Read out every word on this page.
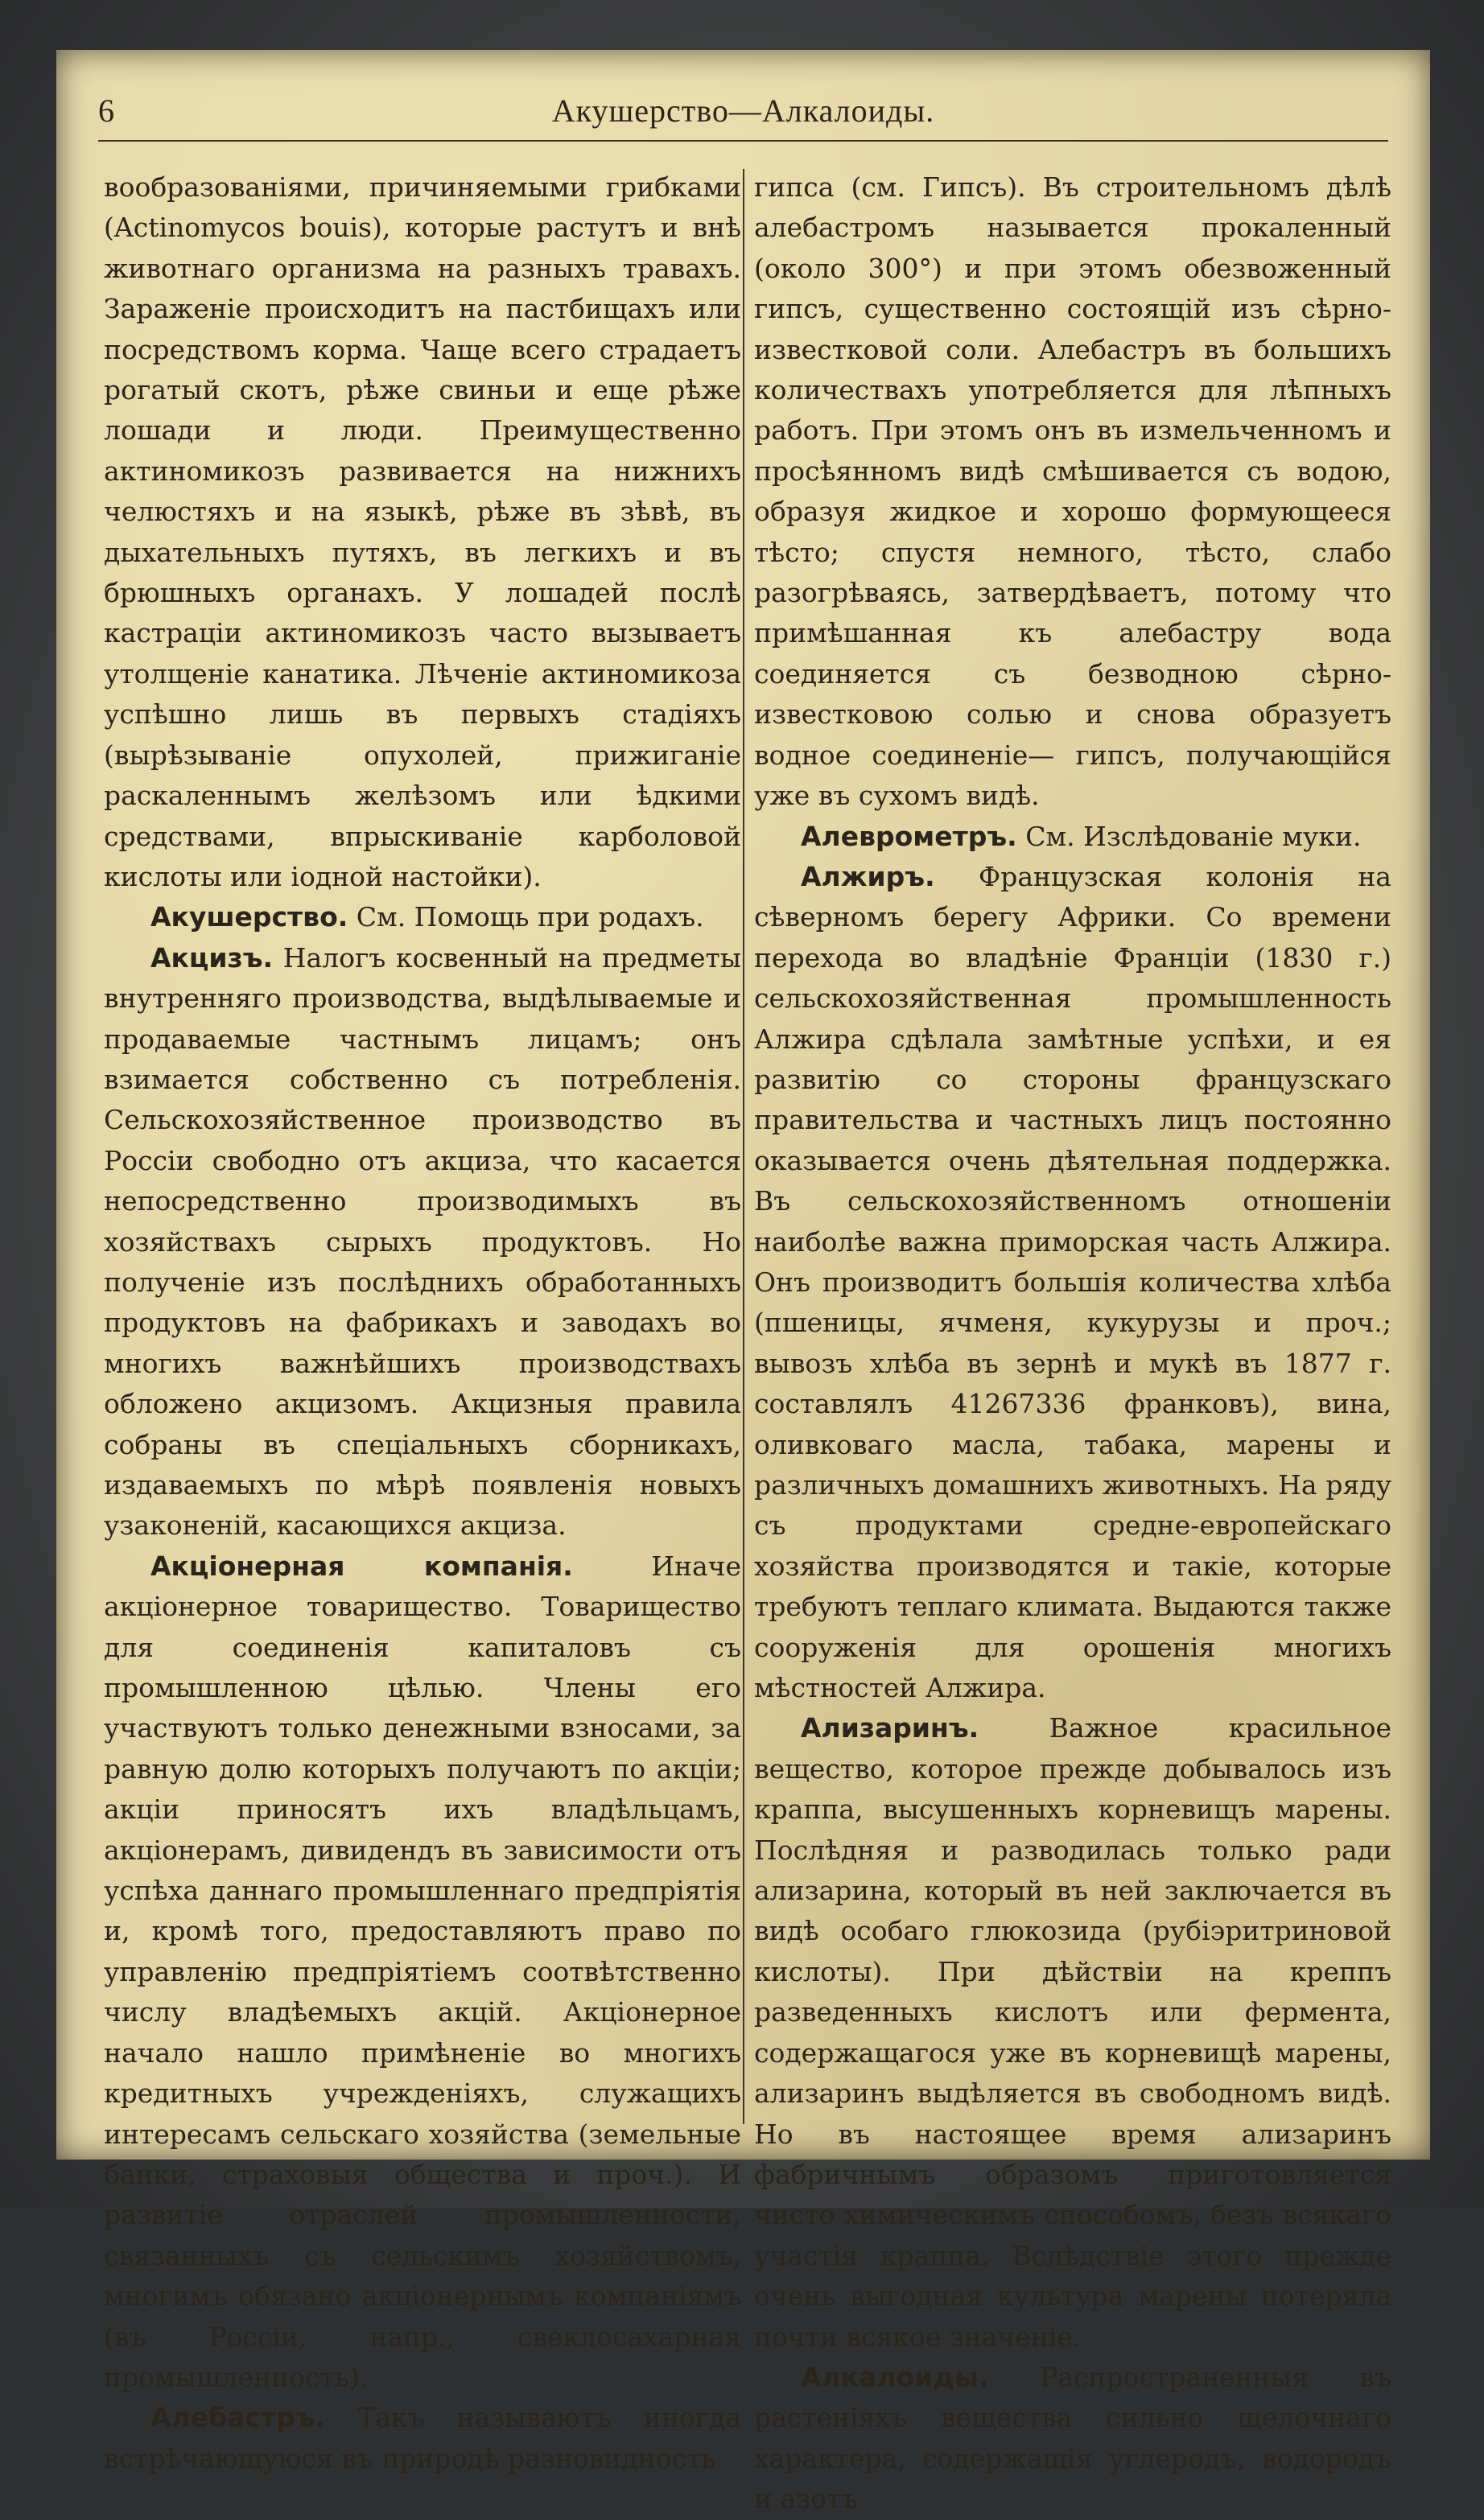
6	Акушерство—Алкалоиды.

вообразованіями, причиняемыми грибками (Actinomycos bouis), которые растутъ и внѣ животнаго организма на разныхъ травахъ. Зараженіе происходитъ на пастбищахъ или посредствомъ корма. Чаще всего страдаетъ рогатый скотъ, рѣже свиньи и еще рѣже лошади и люди. Преимущественно актиномикозъ развивается на нижнихъ челюстяхъ и на языкѣ, рѣже въ зѣвѣ, въ дыхательныхъ путяхъ, въ легкихъ и въ брюшныхъ органахъ. У лошадей послѣ кастраціи актиномикозъ часто вызываетъ утолщеніе канатика. Лѣченіе актиномикоза успѣшно лишь въ первыхъ стадіяхъ (вырѣзываніе опухолей, прижиганіе раскаленнымъ желѣзомъ или ѣдкими средствами, впрыскиваніе карболовой кислоты или іодной настойки).

Акушерство. См. Помощь при родахъ.

Акцизъ. Налогъ косвенный на предметы внутренняго производства, выдѣлываемые и продаваемые частнымъ лицамъ; онъ взимается собственно съ потребленія. Сельскохозяйственное производство въ Россіи свободно отъ акциза, что касается непосредственно производимыхъ въ хозяйствахъ сырыхъ продуктовъ. Но полученіе изъ послѣднихъ обработанныхъ продуктовъ на фабрикахъ и заводахъ во многихъ важнѣйшихъ производствахъ обложено акцизомъ. Акцизныя правила собраны въ спеціальныхъ сборникахъ, издаваемыхъ по мѣрѣ появленія новыхъ узаконеній, касающихся акциза.

Акціонерная компанія. Иначе акціонерное товарищество. Товарищество для соединенія капиталовъ съ промышленною цѣлью. Члены его участвуютъ только денежными взносами, за равную долю которыхъ получаютъ по акціи; акціи приносятъ ихъ владѣльцамъ, акціонерамъ, дивидендъ въ зависимости отъ успѣха даннаго промышленнаго предпріятія и, кромѣ того, предоставляютъ право по управленію предпріятіемъ соотвѣтственно числу владѣемыхъ акцій. Акціонерное начало нашло примѣненіе во многихъ кредитныхъ учрежденіяхъ, служащихъ интересамъ сельскаго хозяйства (земельные банки, страховыя общества и проч.). И развитіе отраслей промышленности, связанныхъ съ сельскимъ хозяйствомъ, многимъ обязано акціонернымъ компаніямъ (въ Россіи, напр., свеклосахарная промышленность).

Алебастръ. Такъ называютъ иногда встрѣчающуюся въ природѣ разновидность

гипса (см. Гипсъ). Въ строительномъ дѣлѣ алебастромъ называется прокаленный (около 300°) и при этомъ обезвоженный гипсъ, существенно состоящій изъ сѣрно-известковой соли. Алебастръ въ большихъ количествахъ употребляется для лѣпныхъ работъ. При этомъ онъ въ измельченномъ и просѣянномъ видѣ смѣшивается съ водою, образуя жидкое и хорошо формующееся тѣсто; спустя немного, тѣсто, слабо разогрѣваясь, затвердѣваетъ, потому что примѣшанная къ алебастру вода соединяется съ безводною сѣрно-известковою солью и снова образуетъ водное соединеніе— гипсъ, получающійся уже въ сухомъ видѣ.

Алеврометръ. См. Изслѣдованіе муки.

Алжиръ. Французская колонія на сѣверномъ берегу Африки. Со времени перехода во владѣніе Франціи (1830 г.) сельскохозяйственная промышленность Алжира сдѣлала замѣтные успѣхи, и ея развитію со стороны французскаго правительства и частныхъ лицъ постоянно оказывается очень дѣятельная поддержка. Въ сельскохозяйственномъ отношеніи наиболѣе важна приморская часть Алжира. Онъ производитъ большія количества хлѣба (пшеницы, ячменя, кукурузы и проч.; вывозъ хлѣба въ зернѣ и мукѣ въ 1877 г. составлялъ 41267336 франковъ), вина, оливковаго масла, табака, марены и различныхъ домашнихъ животныхъ. На ряду съ продуктами средне-европейскаго хозяйства производятся и такіе, которые требуютъ теплаго климата. Выдаются также сооруженія для орошенія многихъ мѣстностей Алжира.

Ализаринъ. Важное красильное вещество, которое прежде добывалось изъ краппа, высушенныхъ корневищъ марены. Послѣдняя и разводилась только ради ализарина, который въ ней заключается въ видѣ особаго глюкозида (рубіэритриновой кислоты). При дѣйствіи на креппъ разведенныхъ кислотъ или фермента, содержащагося уже въ корневищѣ марены, ализаринъ выдѣляется въ свободномъ видѣ. Но въ настоящее время ализаринъ фабричнымъ образомъ приготовляется чисто химическимъ способомъ, безъ всякаго участія краппа. Вслѣдствіе этого прежде очень выгодная культура марены потеряла почти всякое значеніе.

Алкалоиды. Распространенныя въ растеніяхъ вещества сильно щелочнаго характера, содержащія углеродъ, водородъ и азотъ
